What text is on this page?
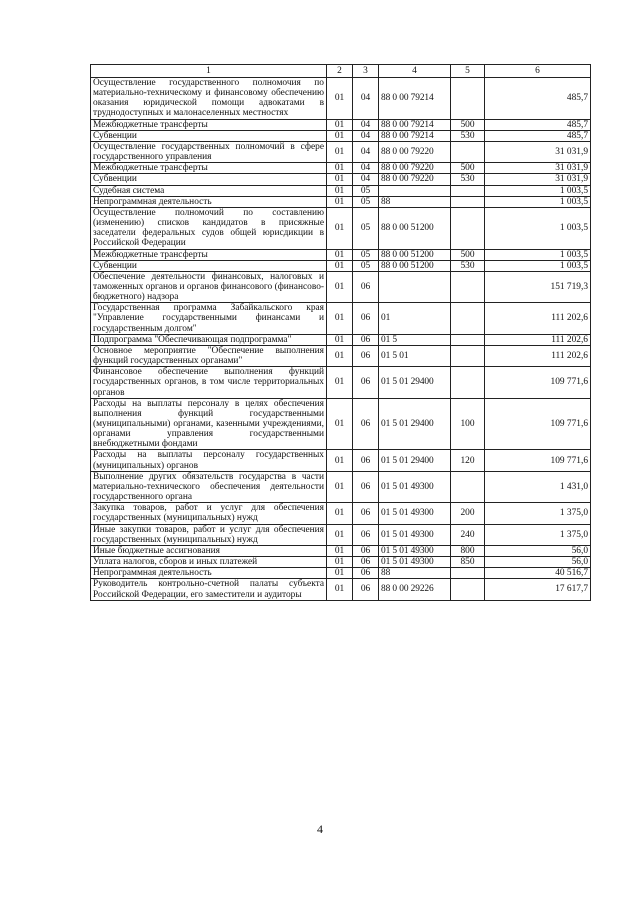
1	2	3	4	5	6
Осуществление государственного полномочия по материально-техническому и финансовому обеспечению оказания юридической помощи адвокатами в труднодоступных и малонаселенных местностях	01	04	88 0 00 79214		485,7
Межбюджетные трансферты	01	04	88 0 00 79214	500	485,7
Субвенции	01	04	88 0 00 79214	530	485,7
Осуществление государственных полномочий в сфере государственного управления	01	04	88 0 00 79220		31 031,9
Межбюджетные трансферты	01	04	88 0 00 79220	500	31 031,9
Субвенции	01	04	88 0 00 79220	530	31 031,9
Судебная система	01	05			1 003,5
Непрограммная деятельность	01	05	88		1 003,5
Осуществление полномочий по составлению (изменению) списков кандидатов в присяжные заседатели федеральных судов общей юрисдикции в Российской Федерации	01	05	88 0 00 51200		1 003,5
Межбюджетные трансферты	01	05	88 0 00 51200	500	1 003,5
Субвенции	01	05	88 0 00 51200	530	1 003,5
Обеспечение деятельности финансовых, налоговых и таможенных органов и органов финансового (финансово-бюджетного) надзора	01	06			151 719,3
Государственная программа Забайкальского края "Управление государственными финансами и государственным долгом"	01	06	01		111 202,6
Подпрограмма "Обеспечивающая подпрограмма"	01	06	01 5		111 202,6
Основное мероприятие "Обеспечение выполнения функций государственных органами"	01	06	01 5 01		111 202,6
Финансовое обеспечение выполнения функций государственных органов, в том числе территориальных органов	01	06	01 5 01 29400		109 771,6
Расходы на выплаты персоналу в целях обеспечения выполнения функций государственными (муниципальными) органами, казенными учреждениями, органами управления государственными внебюджетными фондами	01	06	01 5 01 29400	100	109 771,6
Расходы на выплаты персоналу государственных (муниципальных) органов	01	06	01 5 01 29400	120	109 771,6
Выполнение других обязательств государства в части материально-технического обеспечения деятельности государственного органа	01	06	01 5 01 49300		1 431,0
Закупка товаров, работ и услуг для обеспечения государственных (муниципальных) нужд	01	06	01 5 01 49300	200	1 375,0
Иные закупки товаров, работ и услуг для обеспечения государственных (муниципальных) нужд	01	06	01 5 01 49300	240	1 375,0
Иные бюджетные ассигнования	01	06	01 5 01 49300	800	56,0
Уплата налогов, сборов и иных платежей	01	06	01 5 01 49300	850	56,0
Непрограммная деятельность	01	06	88		40 516,7
Руководитель контрольно-счетной палаты субъекта Российской Федерации, его заместители и аудиторы	01	06	88 0 00 29226		17 617,7
4
